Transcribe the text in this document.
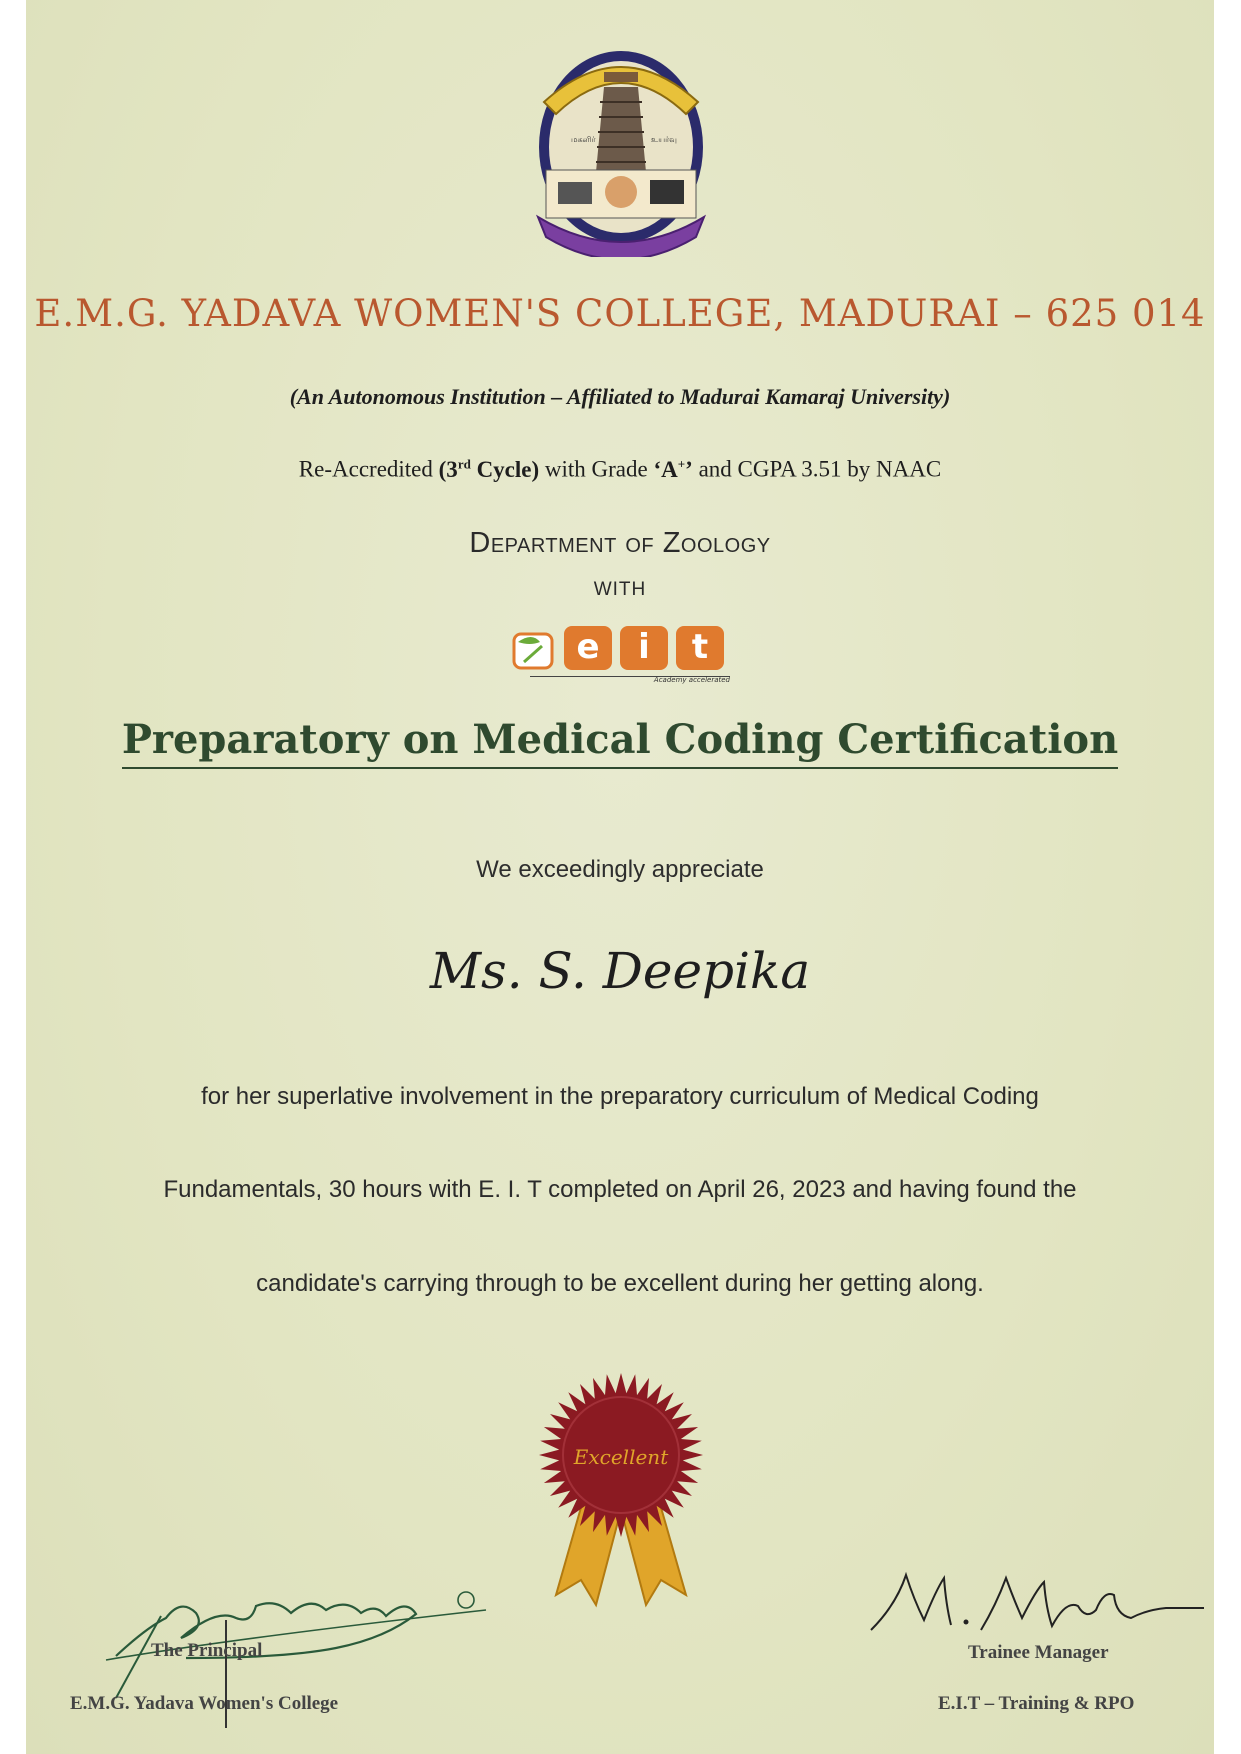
மகளிர்	உயர்வு
E.M.G. YADAVA WOMEN'S COLLEGE, MADURAI – 625 014
(An Autonomous Institution – Affiliated to Madurai Kamaraj University)
Re-Accredited (3rd Cycle) with Grade ‘A+’ and CGPA 3.51 by NAAC
Department of Zoology
WITH
e	i	t
Academy accelerated
Preparatory on Medical Coding Certification
We exceedingly appreciate
Ms. S. Deepika
for her superlative involvement in the preparatory curriculum of Medical Coding
Fundamentals, 30 hours with E. I. T completed on April 26, 2023 and having found the
candidate's carrying through to be excellent during her getting along.
Excellent
The Principal
E.M.G. Yadava Women's College
Trainee Manager
E.I.T – Training & RPO
